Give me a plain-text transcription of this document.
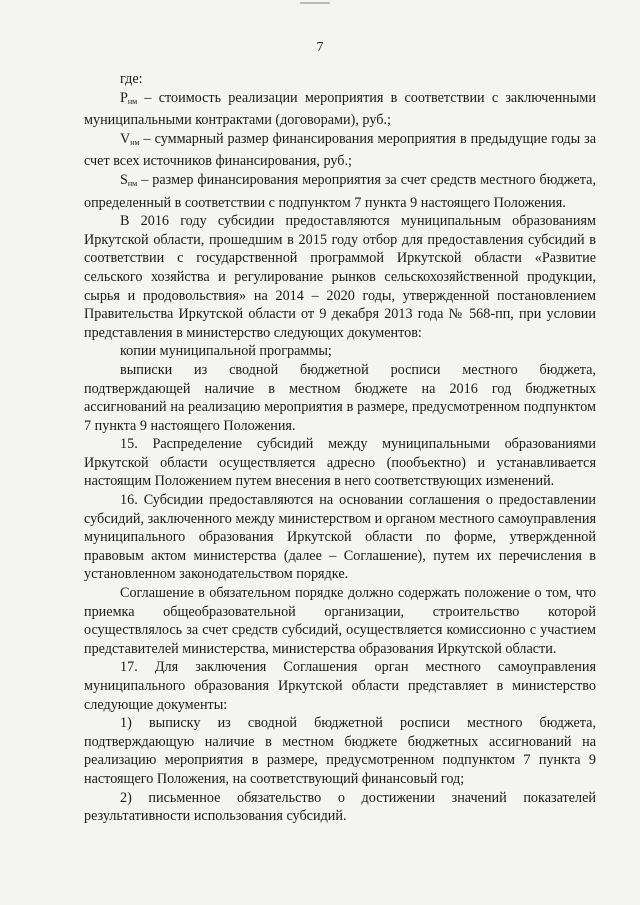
7

где:

$P_{нм}$ – стоимость реализации мероприятия в соответствии с заключенными муниципальными контрактами (договорами), руб.;

$V_{нм}$ – суммарный размер финансирования мероприятия в предыдущие годы за счет всех источников финансирования, руб.;

$S_{нм}$ – размер финансирования мероприятия за счет средств местного бюджета, определенный в соответствии с подпунктом 7 пункта 9 настоящего Положения.

В 2016 году субсидии предоставляются муниципальным образованиям Иркутской области, прошедшим в 2015 году отбор для предоставления субсидий в соответствии с государственной программой Иркутской области «Развитие сельского хозяйства и регулирование рынков сельскохозяйственной продукции, сырья и продовольствия» на 2014 – 2020 годы, утвержденной постановлением Правительства Иркутской области от 9 декабря 2013 года № 568-пп, при условии представления в министерство следующих документов:

копии муниципальной программы;

выписки из сводной бюджетной росписи местного бюджета, подтверждающей наличие в местном бюджете на 2016 год бюджетных ассигнований на реализацию мероприятия в размере, предусмотренном подпунктом 7 пункта 9 настоящего Положения.

15. Распределение субсидий между муниципальными образованиями Иркутской области осуществляется адресно (пообъектно) и устанавливается настоящим Положением путем внесения в него соответствующих изменений.

16. Субсидии предоставляются на основании соглашения о предоставлении субсидий, заключенного между министерством и органом местного самоуправления муниципального образования Иркутской области по форме, утвержденной правовым актом министерства (далее – Соглашение), путем их перечисления в установленном законодательством порядке.

Соглашение в обязательном порядке должно содержать положение о том, что приемка общеобразовательной организации, строительство которой осуществлялось за счет средств субсидий, осуществляется комиссионно с участием представителей министерства, министерства образования Иркутской области.

17. Для заключения Соглашения орган местного самоуправления муниципального образования Иркутской области представляет в министерство следующие документы:

1) выписку из сводной бюджетной росписи местного бюджета, подтверждающую наличие в местном бюджете бюджетных ассигнований на реализацию мероприятия в размере, предусмотренном подпунктом 7 пункта 9 настоящего Положения, на соответствующий финансовый год;

2) письменное обязательство о достижении значений показателей результативности использования субсидий.
